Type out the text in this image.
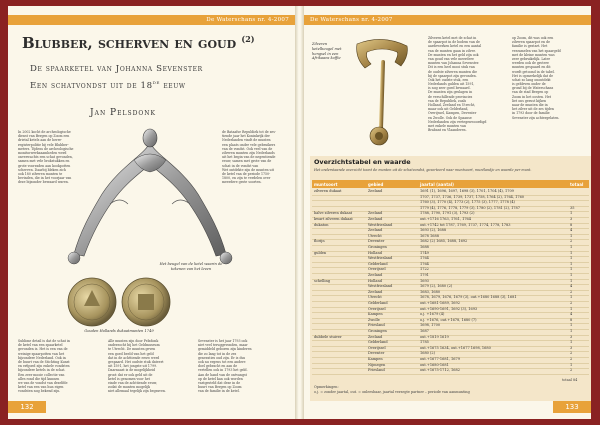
De Waterschans nr. 4-2007
Blubber, scherven en goud $^{(2)}$
De spaarketel van Johanna Sevenster
Een schatvondst uit de 18de eeuw
Jan Pelsdonk
In 2002 kocht de archeologische
dienst van Bergen op Zoom een
drietal ketels aan de herre-
registerpolitie bij vele Blubber-
meters. Tijdens de archeologische
monitorwerkzaamheden werd
onverwachts een schat gevonden,
samen met vele brokstukken en
grote voorraden aan kookpotten
scherven. Daarbij bleken zich
ook 180 zilveren munten te
bevinden, die in het voorjaar van
deze bijzonder bewaard waren.
de Bataafse Republiek tot de zes-
tiende jaar het Koninkrijk der
Nederlanden vindt de munten
een plaats onder vele gebruikers
van de vondst. Ook veel van de
zilveren munten zijn Nederlands
uit het begin van de negentiende
eeuw, samen met grote van de
schat in de vondst van
Wet ontdekte zijn de munten uit
de ketel van de periode 1750-
1800, en zijn te verdelen over
meerdere grote soorten.
Het beugel van de ketel waarin de tekenen van het leven
Gouden Hollands dukaatmunten 1749
Sublime detail is dat de schat in
de ketel van een spaarketel
gevonden is. Het is een van de
weinige spaarpotten van het
bijzondere Nederland. Ook in
de buurt van de Stichting Kunst
en erfgoed zijn enkele vondsten
bijzondere ketels in de schat.
Een zeer mooie collectie van
alles rond die tijd kunnen
we van de vondst van dezelfde
ketel van een van hun eigen
vondsten nog bekend zijn.
Alle munten zijn door Pelsdonk
onderzocht bij het Geldmuseum
te Utrecht. De munten geven
een goed beeld van het geld
dat in de achttiende eeuw werd
gespaard. Het oudste stuk dateert
uit 1591, het jongste uit 1799.
Daarnaast is de mogelijkheid
groot dat er ook geld uit de
ketel is genomen voor het
einde van de achttiende eeuw,
zodat de munten mogelijk
niet allemaal tegelijk zijn begraven.
Sevenster is het jaar 1793 ook
niet veel teruggevonden, maar
gemiddeld geboren zijn kinderen
die zo lang tot in de zes
generaties oud zijn. Er is dus
ook nu ergens tot een andere
doel gebracht en aan de
vertellen ook in 1793 het geld.
Aan de hand van de ontvangst
op de ketel kan ook worden
vastgesteld dat deze in de
buurt van Bergen op Zoom
van de familie in de ketel.
132
De Waterschans nr. 4-2007
Zilveren ketelbeugel met hengsel in een Afrikaans koffie
Zilveren ketel met de schat in
de spaarpot in de bodem van de
aardewerken ketel en een aantal
van de munten gaan in zilver.
De munten en het geld zijn ook
van goud van vele meerdere
munten van Johanna Sevenster.
Dit is een heel mooi stuk van
de oudste zilveren munten die
bij de spaarpot zijn gevonden.
Ook het oudste stuk, een
Nederlands gulden uit 1591,
is nog zeer goed bewaard.
De munten zijn geslagen in
de verschillende provincies
van de Republiek, zoals
Holland, Zeeland en Utrecht,
maar ook uit Gelderland,
Overijssel, Kampen, Deventer
en Zwolle. Ook de Spaanse
Nederlanden zijn vertegenwoordigd
met enkele munten van
Brabant en Vlaanderen.
op Zoom, dit was ook een
zilveren spaarpot en de
familie is gestart. Het
verzamelen van het spaargeld
met de kleine munten was
zeer gebruikelijk. Later
werden ook de grotere
munten gespaard en dit
wordt getoond in de tabel.
Het is opmerkelijk dat de
schat zo lang onontdekt
is gebleven onder de
grond bij de Waterschans
van de stad Bergen op
Zoom in het oosten. Het
liet ons gerust kijken
naar de munten die in
het zilver uit de zes tijden
in 1793 door de familie
Sevenster zijn achtergelaten.
Overzichtstabel en waarde
Het onderstaande overzicht toont de munten uit de schatvondst, gesorteerd naar muntsoort, muntlandje en waarde per munt.
muntsoort	gebied	jaartal (aantal)	totaal
zilveren dukaat	Zeeland	1691 (1), 1696, 1697, 1698 (3), 1701, 1704 (4), 1709
1707, 1737, 1736, 1739, 1737, 1758, 1764 (2), 1764, 1760
1760 (3), 1770 (4), 1773 (2), 1775 (3), 1777, 1778 (4)
1779 (4), 1776, 1778, 1779 (3), 1780 (2), 1781 (2), 1787	35
halve zilveren dukaat	Zeeland	1788, 1790, 1791 (3), 1793 (2)	1
kwart zilveren dukaat	Zeeland	out.+1716 1763, 1761, 1764	3
dukaton	Westfriesland	out.+1742 tot 1787, 1769, 1737, 1774, 1778, 1783	8
Zeeland	1693 (2), 1688	4
Utrecht	1678 1688	1
florijn	Deventer	1682 (2) 1685, 1688, 1692	2
Groningen	1688	1
gulden	Holland	1749	1
Westfriesland	1764	1
Gelderland	1764	1
Overijssel	1722	1
Zeeland	1791	1
schelling	Holland	1693	1
Westfriesland	1679 (2), 1680 (2)	4
Zeeland	1683, 1680	2
Utrecht	1678, 1679, 1676, 1679 (3), out.+1680 1688 (3), 1681	1
Gelderland	out.+1681-1689, 1692	2
Overijssel	out.+1690-1691, 1692 (3), 1693	1
Kampen	o.j. +1679 (4)	4
Zwolle	o.j. +1676, out.+1678, 1680 (7)	8
Friesland	1698, 1700	1
Groningen	1687	1
dubbele stuiver	Zeeland	out.+1819 1619	3
Gelderland	1785	1
Overijssel	out.+1675 1634, out.+1677 1698, 1680	3
Deventer	1680 (2)	2
Kampen	out.+1677-1681, 1679	2
Nijmegen	out.+1680-1681	1
Friesland	out.+1675-1712, 1682	2
totaal 84
Opmerkingen:
o.j. = zonder jaartal, out. = onleesbaar, jaartal verzegte partner – periode van aanmunting
133
